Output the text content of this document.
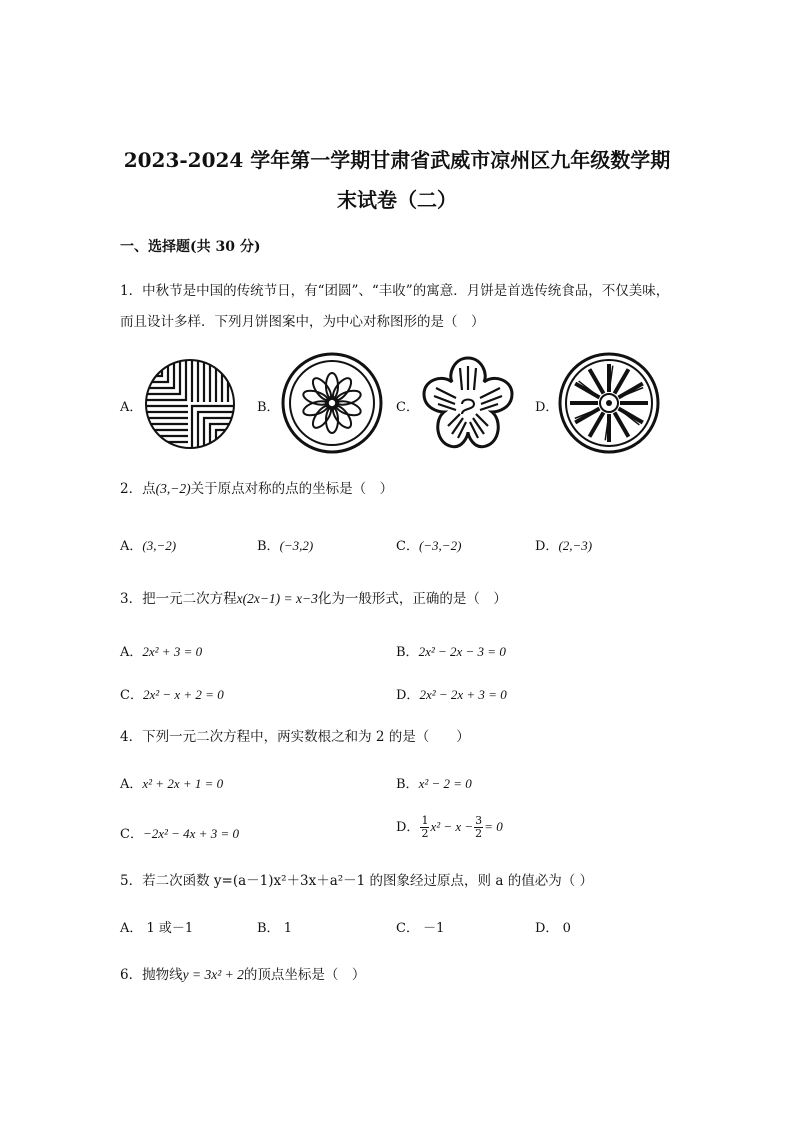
2023-2024 学年第一学期甘肃省武威市凉州区九年级数学期
末试卷（二）
一、选择题(共 30 分)
1．中秋节是中国的传统节日，有“团圆”、“丰收”的寓意．月饼是首选传统食品，不仅美味，
而且设计多样．下列月饼图案中，为中心对称图形的是（　）
A．	B．	C．	D．
2．点(3,−2)关于原点对称的点的坐标是（　）
A．(3,−2)	B．(−3,2)	C．(−3,−2)	D．(2,−3)
3．把一元二次方程x(2x−1) = x−3化为一般形式，正确的是（　）
A．2x² + 3 = 0	B．2x² − 2x − 3 = 0
C．2x² − x + 2 = 0	D．2x² − 2x + 3 = 0
4．下列一元二次方程中，两实数根之和为 2 的是（　　）
A．x² + 2x + 1 = 0	B．x² − 2 = 0
C．−2x² − 4x + 3 = 0	D． $\frac{1}{2} x^2 - x - \frac{3}{2} = 0$
5．若二次函数 y=(a－1)x²＋3x＋a²－1 的图象经过原点，则 a 的值必为（ ）
A． 1 或－1	B． 1	C． －1	D． 0
6．抛物线y = 3x² + 2的顶点坐标是（　）
